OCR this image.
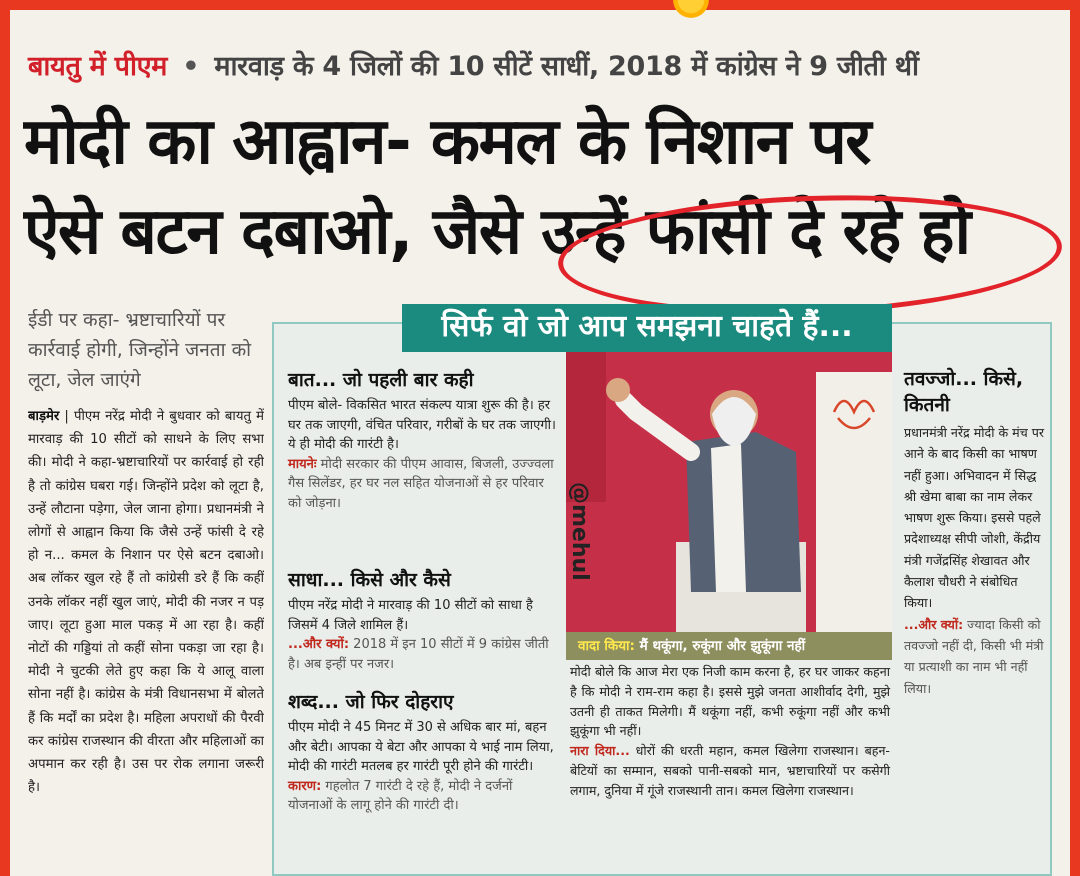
बायतु में पीएम • मारवाड़ के 4 जिलों की 10 सीटें साधीं, 2018 में कांग्रेस ने 9 जीती थीं
मोदी का आह्वान- कमल के निशान पर
ऐसे बटन दबाओ, जैसे उन्हें फांसी दे रहे हो
ईडी पर कहा- भ्रष्टाचारियों पर कार्रवाई होगी, जिन्होंने जनता को लूटा, जेल जाएंगे
बाड़मेर | पीएम नरेंद्र मोदी ने बुधवार को बायतु में मारवाड़ की 10 सीटों को साधने के लिए सभा की। मोदी ने कहा-भ्रष्टाचारियों पर कार्रवाई हो रही है तो कांग्रेस घबरा गई। जिन्होंने प्रदेश को लूटा है, उन्हें लौटाना पड़ेगा, जेल जाना होगा। प्रधानमंत्री ने लोगों से आह्वान किया कि जैसे उन्हें फांसी दे रहे हो न... कमल के निशान पर ऐसे बटन दबाओ। अब लॉकर खुल रहे हैं तो कांग्रेसी डरे हैं कि कहीं उनके लॉकर नहीं खुल जाएं, मोदी की नजर न पड़ जाए। लूटा हुआ माल पकड़ में आ रहा है। कहीं नोटों की गड्डियां तो कहीं सोना पकड़ा जा रहा है। मोदी ने चुटकी लेते हुए कहा कि ये आलू वाला सोना नहीं है। कांग्रेस के मंत्री विधानसभा में बोलते हैं कि मर्दों का प्रदेश है। महिला अपराधों की पैरवी कर कांग्रेस राजस्थान की वीरता और महिलाओं का अपमान कर रही है। उस पर रोक लगाना जरूरी है।
सिर्फ वो जो आप समझना चाहते हैं...
बात... जो पहली बार कही
पीएम बोले- विकसित भारत संकल्प यात्रा शुरू की है। हर घर तक जाएगी, वंचित परिवार, गरीबों के घर तक जाएगी। ये ही मोदी की गारंटी है।
मायनेः मोदी सरकार की पीएम आवास, बिजली, उज्ज्वला गैस सिलेंडर, हर घर नल सहित योजनाओं से हर परिवार को जोड़ना।
साधा... किसे और कैसे
पीएम नरेंद्र मोदी ने मारवाड़ की 10 सीटों को साधा है जिसमें 4 जिले शामिल हैं।
...और क्यों: 2018 में इन 10 सीटों में 9 कांग्रेस जीती है। अब इन्हीं पर नजर।
शब्द... जो फिर दोहराए
पीएम मोदी ने 45 मिनट में 30 से अधिक बार मां, बहन और बेटी। आपका ये बेटा और आपका ये भाई नाम लिया, मोदी की गारंटी मतलब हर गारंटी पूरी होने की गारंटी।
कारण: गहलोत 7 गारंटी दे रहे हैं, मोदी ने दर्जनों योजनाओं के लागू होने की गारंटी दी।
@mehul
वादा किया: मैं थकूंगा, रुकूंगा और झुकूंगा नहीं
मोदी बोले कि आज मेरा एक निजी काम करना है, हर घर जाकर कहना है कि मोदी ने राम-राम कहा है। इससे मुझे जनता आशीर्वाद देगी, मुझे उतनी ही ताकत मिलेगी। मैं थकूंगा नहीं, कभी रुकूंगा नहीं और कभी झुकूंगा भी नहीं।
नारा दिया... धोरों की धरती महान, कमल खिलेगा राजस्थान। बहन-बेटियों का सम्मान, सबको पानी-सबको मान, भ्रष्टाचारियों पर कसेगी लगाम, दुनिया में गूंजे राजस्थानी तान। कमल खिलेगा राजस्थान।
तवज्जो... किसे, कितनी
प्रधानमंत्री नरेंद्र मोदी के मंच पर आने के बाद किसी का भाषण नहीं हुआ। अभिवादन में सिद्ध श्री खेमा बाबा का नाम लेकर भाषण शुरू किया। इससे पहले प्रदेशाध्यक्ष सीपी जोशी, केंद्रीय मंत्री गजेंद्रसिंह शेखावत और कैलाश चौधरी ने संबोधित किया।
...और क्यों: ज्यादा किसी को तवज्जो नहीं दी, किसी भी मंत्री या प्रत्याशी का नाम भी नहीं लिया।
